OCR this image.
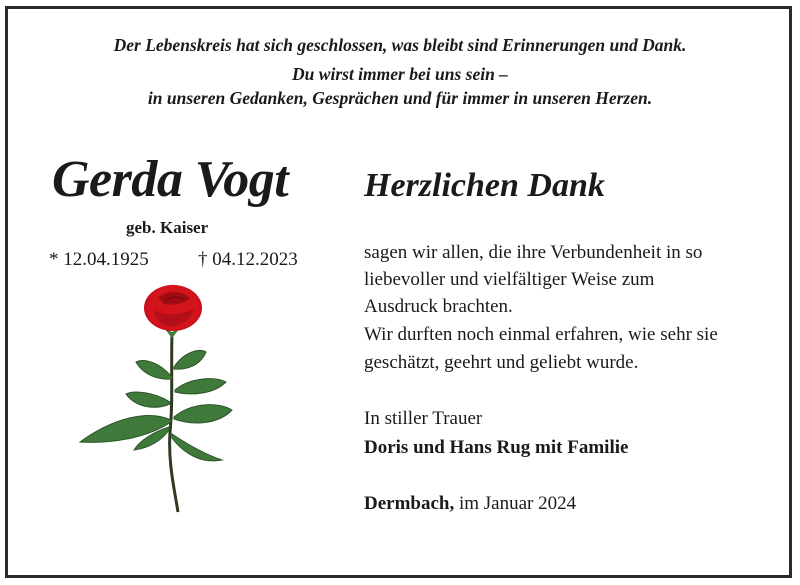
Der Lebenskreis hat sich geschlossen, was bleibt sind Erinnerungen und Dank.
Du wirst immer bei uns sein –
in unseren Gedanken, Gesprächen und für immer in unseren Herzen.
Gerda Vogt
geb. Kaiser
* 12.04.1925	† 04.12.2023
Herzlichen Dank
sagen wir allen, die ihre Verbundenheit in so
liebevoller und vielfältiger Weise zum
Ausdruck brachten.
Wir durften noch einmal erfahren, wie sehr sie
geschätzt, geehrt und geliebt wurde.
In stiller Trauer
Doris und Hans Rug mit Familie
Dermbach, im Januar 2024
